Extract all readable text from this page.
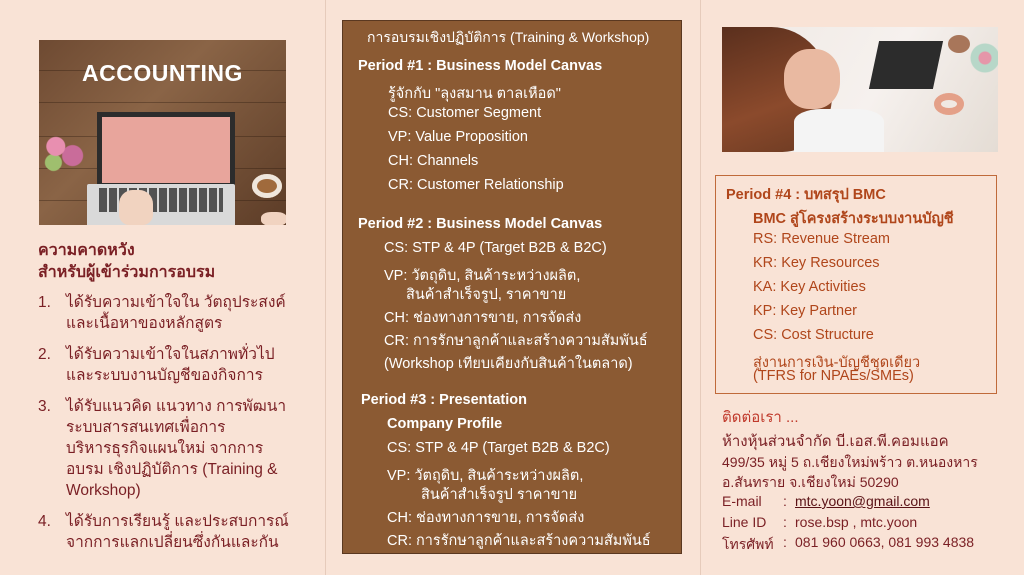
ACCOUNTING
ความคาดหวัง
สำหรับผู้เข้าร่วมการอบรม
1. ได้รับความเข้าใจใน วัตถุประสงค์
และเนื้อหาของหลักสูตร
2. ได้รับความเข้าใจในสภาพทั่วไป
และระบบงานบัญชีของกิจการ
3. ได้รับแนวคิด แนวทาง การพัฒนา
ระบบสารสนเทศเพื่อการ
บริหารธุรกิจแผนใหม่ จากการ
อบรม เชิงปฏิบัติการ (Training &
Workshop)
4. ได้รับการเรียนรู้ และประสบการณ์
จากการแลกเปลี่ยนซึ่งกันและกัน
การอบรมเชิงปฏิบัติการ (Training & Workshop)
Period #1 : Business Model Canvas
รู้จักกับ "ลุงสมาน ตาลเหือด"
CS: Customer Segment
VP: Value Proposition
CH: Channels
CR: Customer Relationship
Period #2 : Business Model Canvas
CS: STP & 4P (Target B2B & B2C)
VP: วัตถุดิบ, สินค้าระหว่างผลิต,
สินค้าสำเร็จรูป, ราคาขาย
CH: ช่องทางการขาย, การจัดส่ง
CR: การรักษาลูกค้าและสร้างความสัมพันธ์
(Workshop เทียบเคียงกับสินค้าในตลาด)
Period #3 : Presentation
Company Profile
CS: STP & 4P (Target B2B & B2C)
VP: วัตถุดิบ, สินค้าระหว่างผลิต,
สินค้าสำเร็จรูป ราคาขาย
CH: ช่องทางการขาย, การจัดส่ง
CR: การรักษาลูกค้าและสร้างความสัมพันธ์
Period #4 : บทสรุป BMC
BMC สู่โครงสร้างระบบงานบัญชี
RS: Revenue Stream
KR: Key Resources
KA: Key Activities
KP: Key Partner
CS: Cost Structure
สู่งานการเงิน-บัญชีชุดเดียว
(TFRS for NPAEs/SMEs)
ติดต่อเรา ...
ห้างหุ้นส่วนจำกัด บี.เอส.พี.คอมแอค
499/35 หมู่ 5 ถ.เชียงใหม่พร้าว ต.หนองหาร
อ.สันทราย จ.เชียงใหม่ 50290
E-mail : mtc.yoon@gmail.com
Line ID : rose.bsp , mtc.yoon
โทรศัพท์ : 081 960 0663, 081 993 4838
